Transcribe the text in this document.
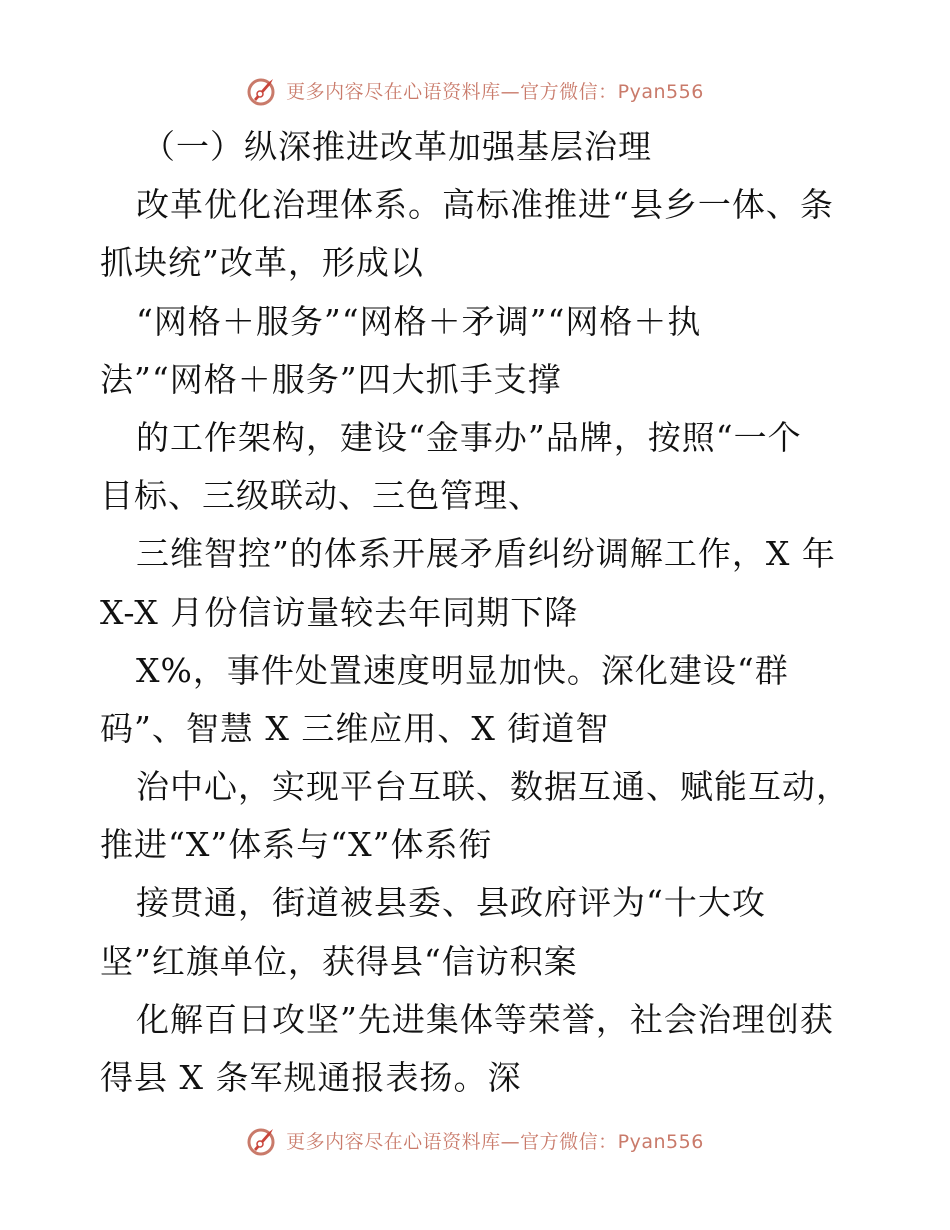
更多内容尽在心语资料库—官方微信：Pyan556
（一）纵深推进改革加强基层治理
改革优化治理体系。高标准推进“县乡一体、条
抓块统”改革，形成以
“网格＋服务”“网格＋矛调”“网格＋执
法”“网格＋服务”四大抓手支撑
的工作架构，建设“金事办”品牌，按照“一个
目标、三级联动、三色管理、
三维智控”的体系开展矛盾纠纷调解工作，X 年
X-X 月份信访量较去年同期下降
X%，事件处置速度明显加快。深化建设“群
码”、智慧 X 三维应用、X 街道智
治中心，实现平台互联、数据互通、赋能互动，
推进“X”体系与“X”体系衔
接贯通，街道被县委、县政府评为“十大攻
坚”红旗单位，获得县“信访积案
化解百日攻坚”先进集体等荣誉，社会治理创获
得县 X 条军规通报表扬。深
更多内容尽在心语资料库—官方微信：Pyan556
